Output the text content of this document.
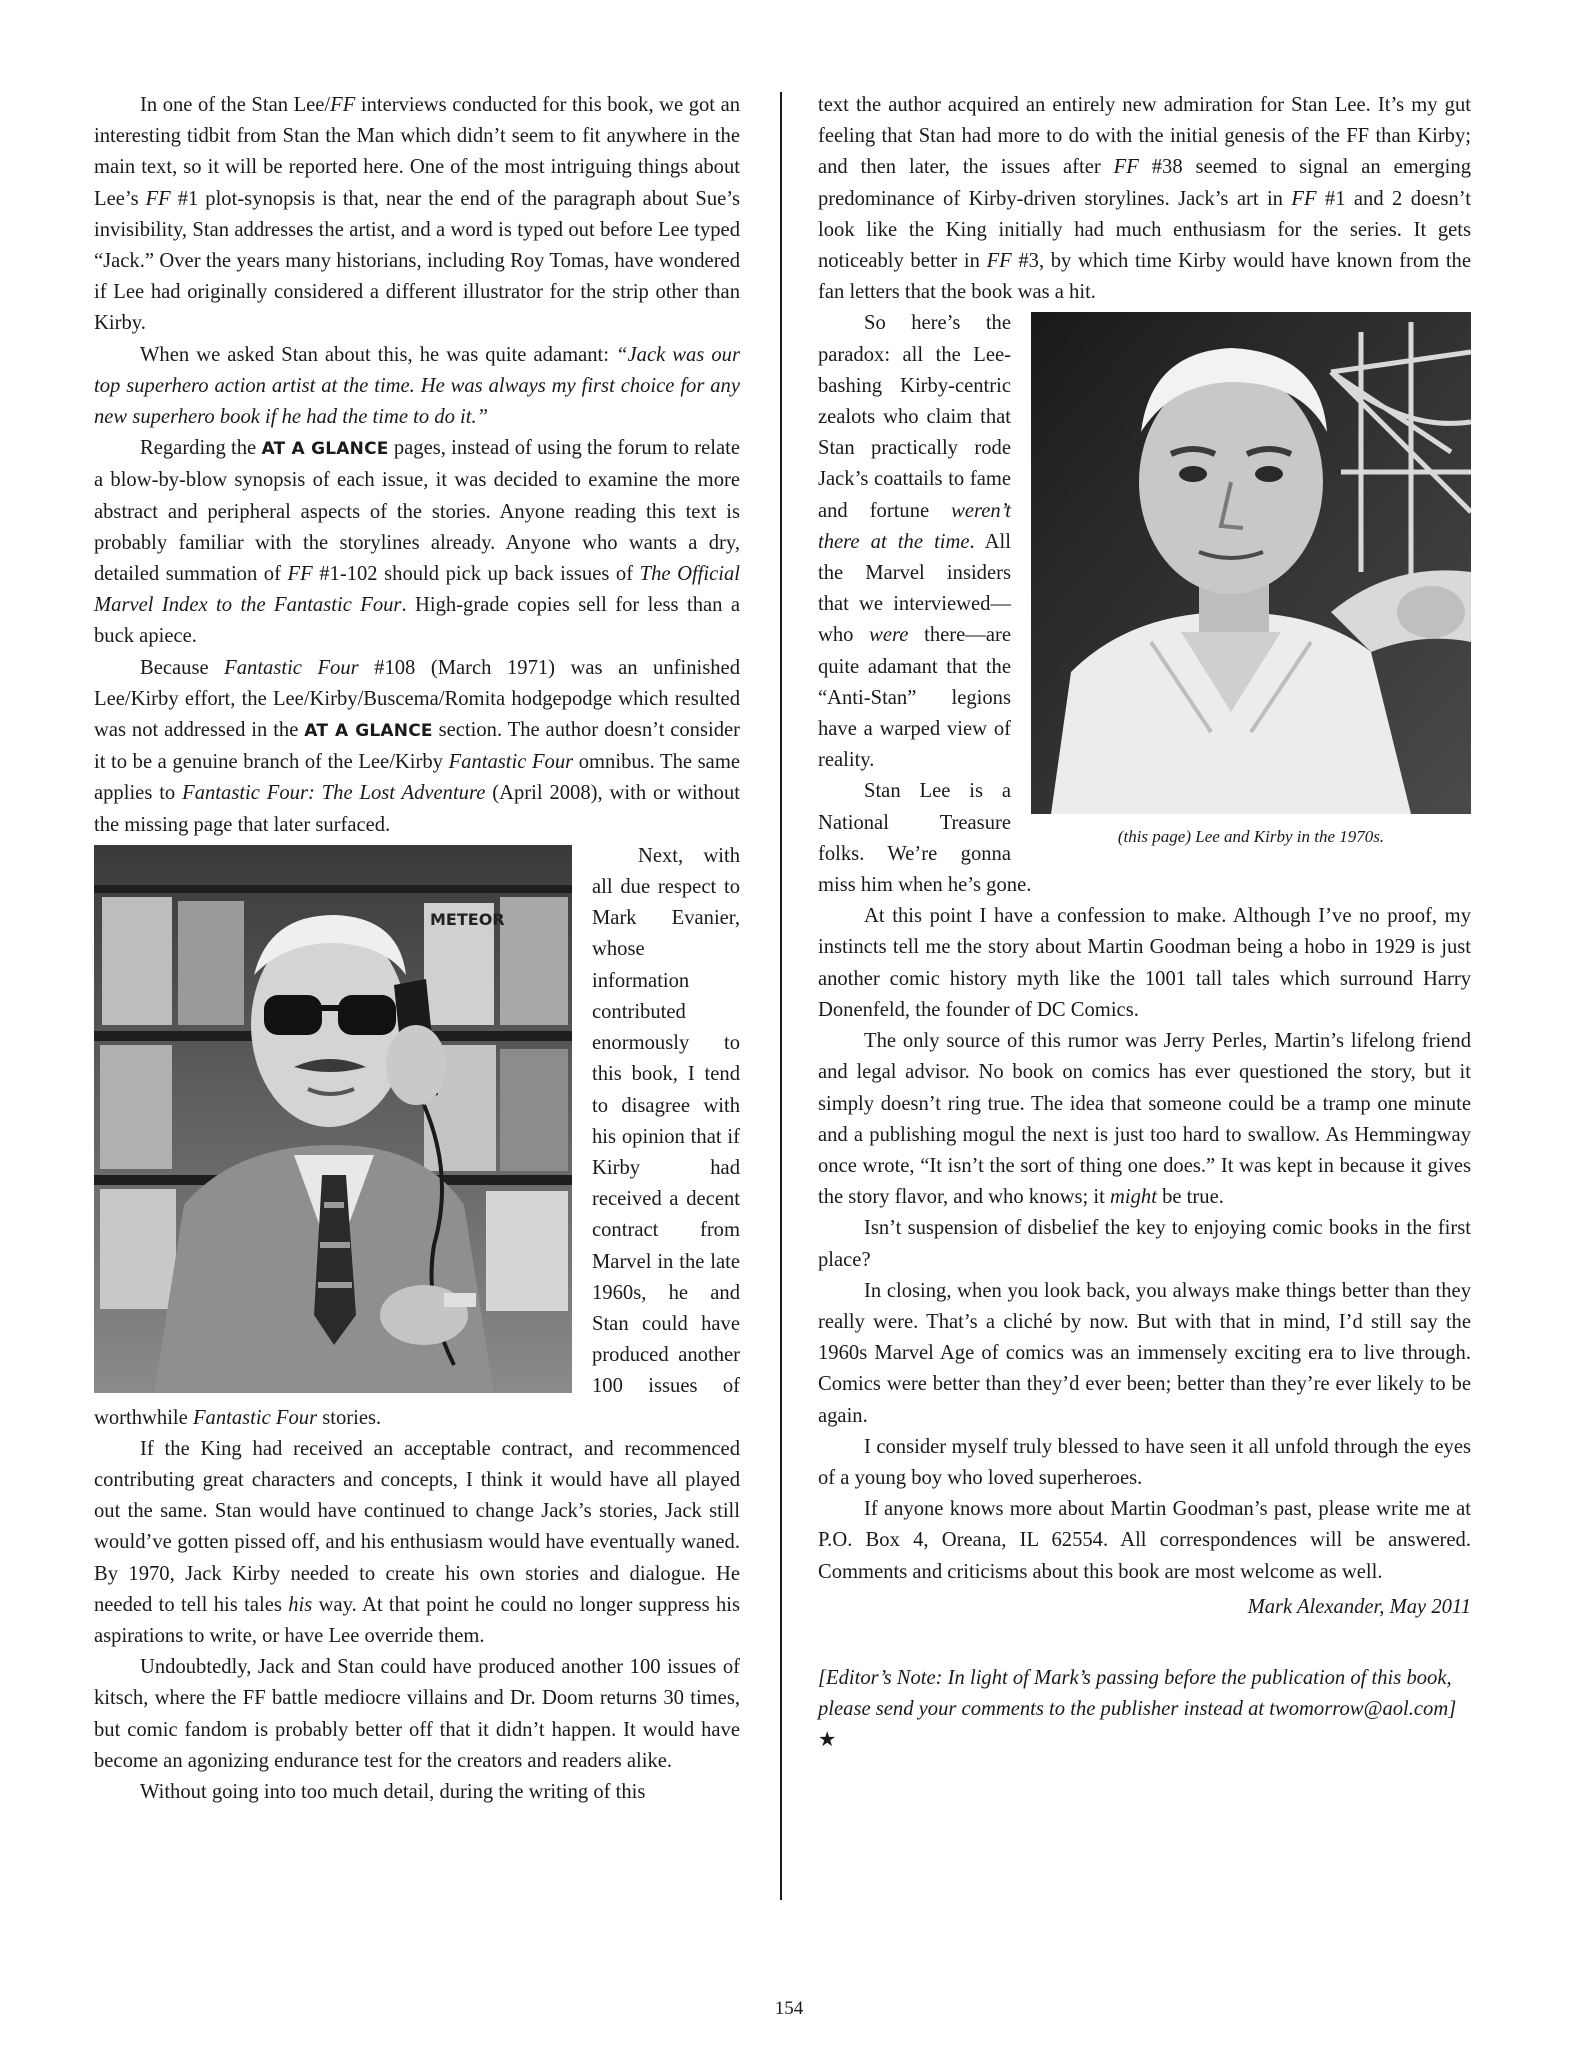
In one of the Stan Lee/FF interviews conducted for this book, we got an interesting tidbit from Stan the Man which didn’t seem to fit anywhere in the main text, so it will be reported here. One of the most intriguing things about Lee’s FF #1 plot-synopsis is that, near the end of the paragraph about Sue’s invisibility, Stan addresses the artist, and a word is typed out before Lee typed “Jack.” Over the years many historians, including Roy Tomas, have wondered if Lee had originally considered a different illustrator for the strip other than Kirby.

When we asked Stan about this, he was quite adamant: “Jack was our top superhero action artist at the time. He was always my first choice for any new superhero book if he had the time to do it.”

Regarding the AT A GLANCE pages, instead of using the forum to relate a blow-by-blow synopsis of each issue, it was decided to examine the more abstract and peripheral aspects of the stories. Anyone reading this text is probably familiar with the storylines already. Anyone who wants a dry, detailed summation of FF #1-102 should pick up back issues of The Official Marvel Index to the Fantastic Four. High-grade copies sell for less than a buck apiece.

Because Fantastic Four #108 (March 1971) was an unfinished Lee/Kirby effort, the Lee/Kirby/Buscema/Romita hodgepodge which resulted was not addressed in the AT A GLANCE section. The author doesn’t consider it to be a genuine branch of the Lee/Kirby Fantastic Four omnibus. The same applies to Fantastic Four: The Lost Adventure (April 2008), with or without the missing page that later surfaced.

METEOR

Next, with all due respect to Mark Evanier, whose information contributed enormously to this book, I tend to disagree with his opinion that if Kirby had received a decent contract from Marvel in the late 1960s, he and Stan could have produced another 100 issues of worthwhile Fantastic Four stories.

If the King had received an acceptable contract, and recommenced contributing great characters and concepts, I think it would have all played out the same. Stan would have continued to change Jack’s stories, Jack still would’ve gotten pissed off, and his enthusiasm would have eventually waned. By 1970, Jack Kirby needed to create his own stories and dialogue. He needed to tell his tales his way. At that point he could no longer suppress his aspirations to write, or have Lee override them.

Undoubtedly, Jack and Stan could have produced another 100 issues of kitsch, where the FF battle mediocre villains and Dr. Doom returns 30 times, but comic fandom is probably better off that it didn’t happen. It would have become an agonizing endurance test for the creators and readers alike.

Without going into too much detail, during the writing of this

text the author acquired an entirely new admiration for Stan Lee. It’s my gut feeling that Stan had more to do with the initial genesis of the FF than Kirby; and then later, the issues after FF #38 seemed to signal an emerging predominance of Kirby-driven storylines. Jack’s art in FF #1 and 2 doesn’t look like the King initially had much enthusiasm for the series. It gets noticeably better in FF #3, by which time Kirby would have known from the fan letters that the book was a hit.

(this page) Lee and Kirby in the 1970s.

So here’s the paradox: all the Lee-bashing Kirby-centric zealots who claim that Stan practically rode Jack’s coattails to fame and fortune weren’t there at the time. All the Marvel insiders that we interviewed—who were there—are quite adamant that the “Anti-Stan” legions have a warped view of reality.

Stan Lee is a National Treasure folks. We’re gonna miss him when he’s gone.

At this point I have a confession to make. Although I’ve no proof, my instincts tell me the story about Martin Goodman being a hobo in 1929 is just another comic history myth like the 1001 tall tales which surround Harry Donenfeld, the founder of DC Comics.

The only source of this rumor was Jerry Perles, Martin’s lifelong friend and legal advisor. No book on comics has ever questioned the story, but it simply doesn’t ring true. The idea that someone could be a tramp one minute and a publishing mogul the next is just too hard to swallow. As Hemmingway once wrote, “It isn’t the sort of thing one does.” It was kept in because it gives the story flavor, and who knows; it might be true.

Isn’t suspension of disbelief the key to enjoying comic books in the first place?

In closing, when you look back, you always make things better than they really were. That’s a cliché by now. But with that in mind, I’d still say the 1960s Marvel Age of comics was an immensely exciting era to live through. Comics were better than they’d ever been; better than they’re ever likely to be again.

I consider myself truly blessed to have seen it all unfold through the eyes of a young boy who loved superheroes.

If anyone knows more about Martin Goodman’s past, please write me at P.O. Box 4, Oreana, IL 62554. All correspondences will be answered. Comments and criticisms about this book are most welcome as well.

Mark Alexander, May 2011

[Editor’s Note: In light of Mark’s passing before the publication of this book, please send your comments to the publisher instead at twomorrow@aol.com] ★

154
